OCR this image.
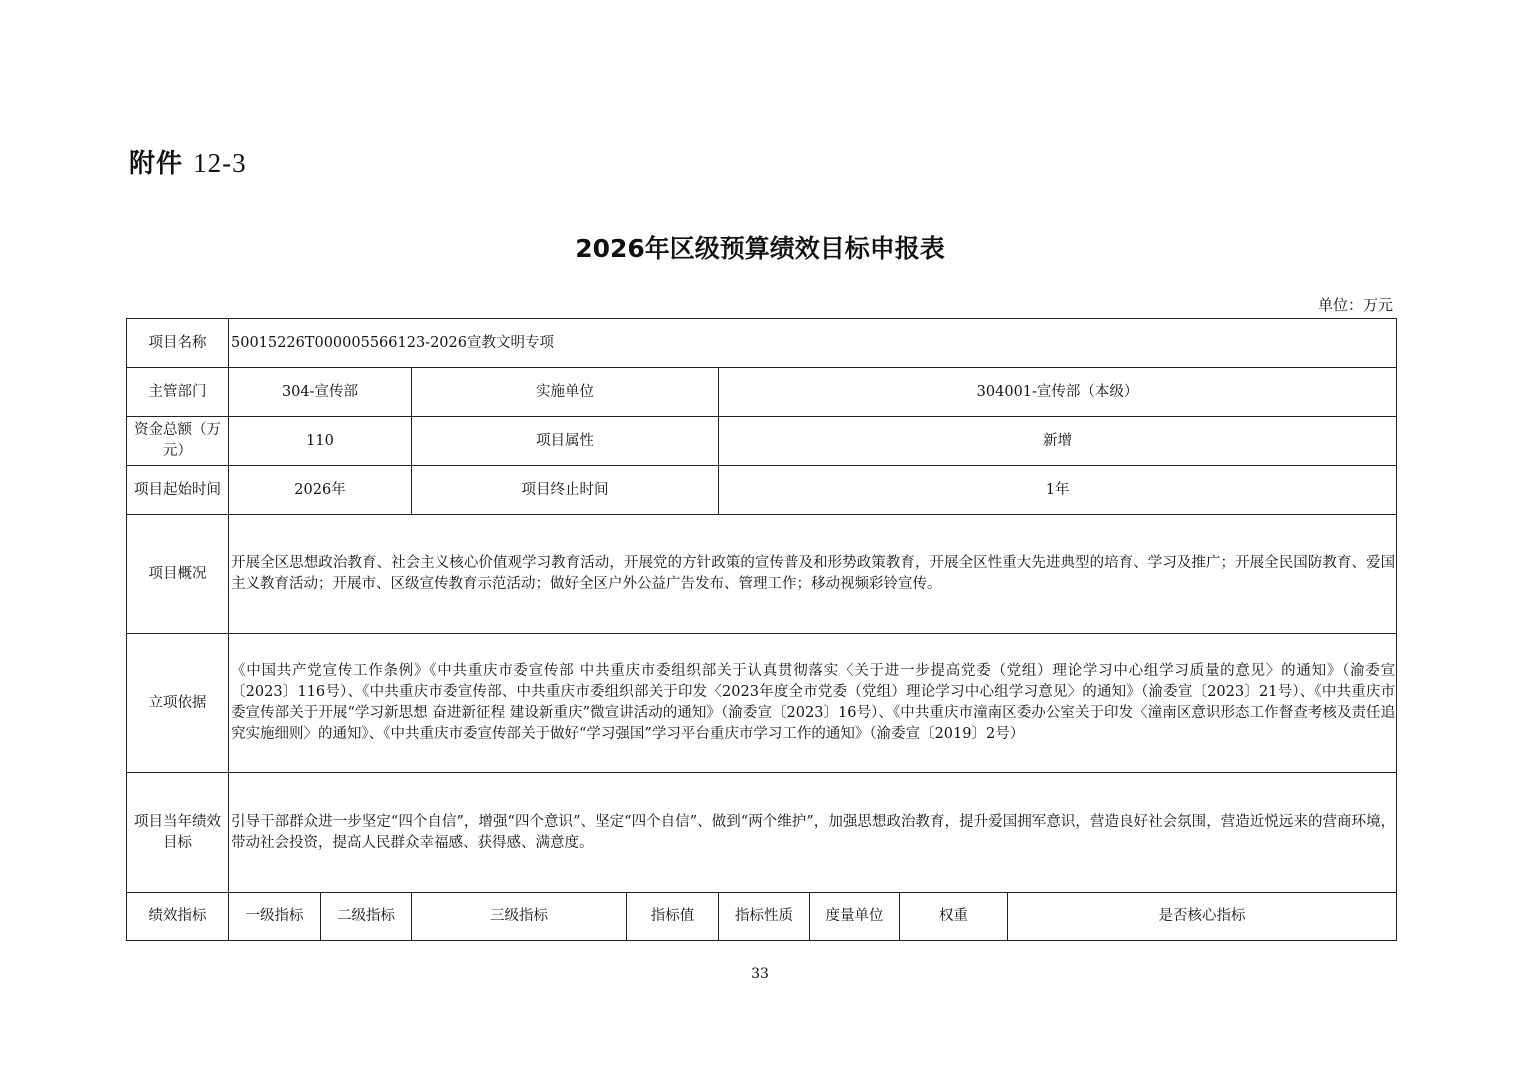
附件 12-3
2026年区级预算绩效目标申报表
单位：万元
项目名称	50015226T000005566123-2026宣教文明专项							
主管部门	304-宣传部		实施单位		304001-宣传部（本级）			
资金总额（万元）	110		项目属性		新增			
项目起始时间	2026年		项目终止时间		1年			
项目概况	开展全区思想政治教育、社会主义核心价值观学习教育活动，开展党的方针政策的宣传普及和形势政策教育，开展全区性重大先进典型的培育、学习及推广；开展全民国防教育、爱国主义教育活动；开展市、区级宣传教育示范活动；做好全区户外公益广告发布、管理工作；移动视频彩铃宣传。							
立项依据	《中国共产党宣传工作条例》《中共重庆市委宣传部 中共重庆市委组织部关于认真贯彻落实〈关于进一步提高党委（党组）理论学习中心组学习质量的意见〉的通知》（渝委宣〔2023〕116号）、《中共重庆市委宣传部、中共重庆市委组织部关于印发〈2023年度全市党委（党组）理论学习中心组学习意见〉的通知》（渝委宣〔2023〕21号）、《中共重庆市委宣传部关于开展“学习新思想 奋进新征程 建设新重庆”微宣讲活动的通知》（渝委宣〔2023〕16号）、《中共重庆市潼南区委办公室关于印发〈潼南区意识形态工作督查考核及责任追究实施细则〉的通知》、《中共重庆市委宣传部关于做好“学习强国”学习平台重庆市学习工作的通知》（渝委宣〔2019〕2号）							
项目当年绩效目标	引导干部群众进一步坚定“四个自信”，增强“四个意识”、坚定“四个自信”、做到“两个维护”，加强思想政治教育，提升爱国拥军意识，营造良好社会氛围，营造近悦远来的营商环境，带动社会投资，提高人民群众幸福感、获得感、满意度。							
绩效指标	一级指标	二级指标	三级指标	指标值	指标性质	度量单位	权重	是否核心指标
33
